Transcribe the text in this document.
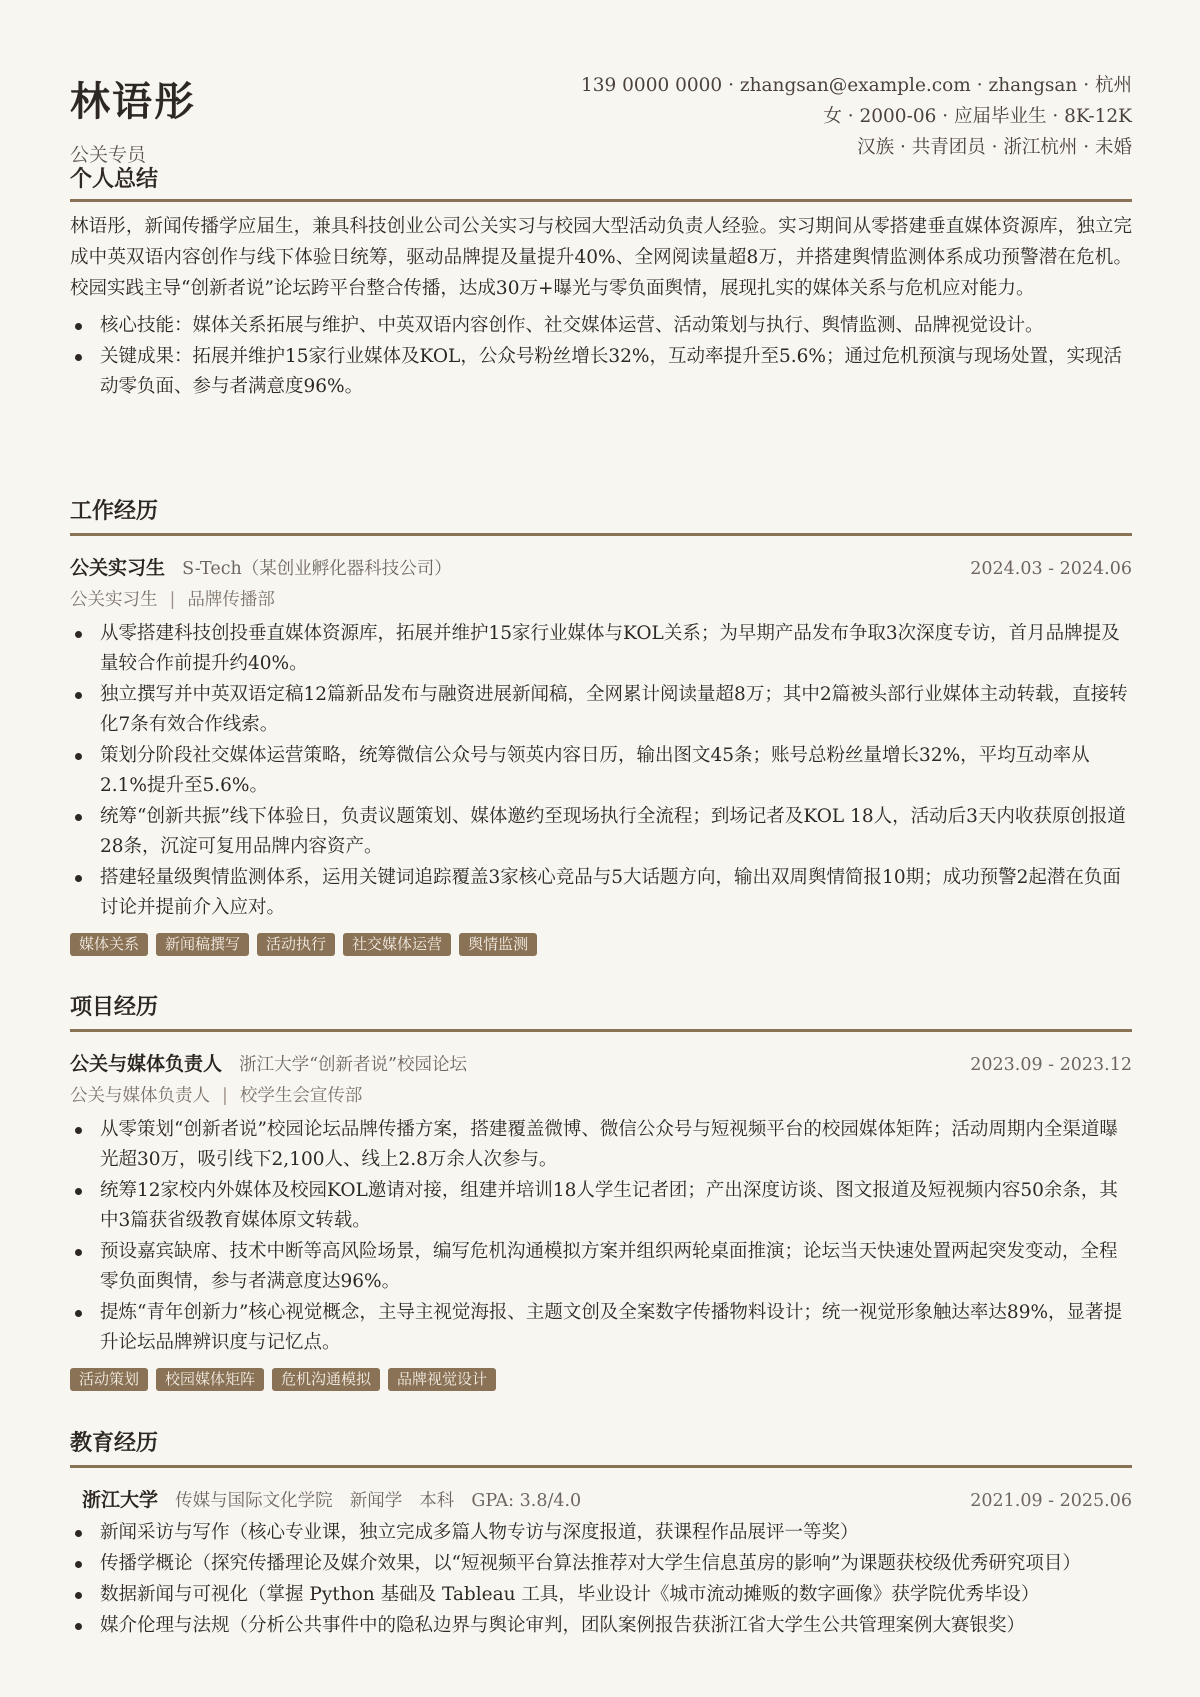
林语彤
公关专员
139 0000 0000 · zhangsan@example.com · zhangsan · 杭州
女 · 2000-06 · 应届毕业生 · 8K-12K
汉族 · 共青团员 · 浙江杭州 · 未婚
个人总结
林语彤，新闻传播学应届生，兼具科技创业公司公关实习与校园大型活动负责人经验。实习期间从零搭建垂直媒体资源库，独立完成中英双语内容创作与线下体验日统筹，驱动品牌提及量提升40%、全网阅读量超8万，并搭建舆情监测体系成功预警潜在危机。校园实践主导“创新者说”论坛跨平台整合传播，达成30万+曝光与零负面舆情，展现扎实的媒体关系与危机应对能力。
核心技能：媒体关系拓展与维护、中英双语内容创作、社交媒体运营、活动策划与执行、舆情监测、品牌视觉设计。
关键成果：拓展并维护15家行业媒体及KOL，公众号粉丝增长32%，互动率提升至5.6%；通过危机预演与现场处置，实现活动零负面、参与者满意度96%。
工作经历
公关实习生 S-Tech（某创业孵化器科技公司）	2024.03 - 2024.06
公关实习生 | 品牌传播部
从零搭建科技创投垂直媒体资源库，拓展并维护15家行业媒体与KOL关系；为早期产品发布争取3次深度专访，首月品牌提及量较合作前提升约40%。
独立撰写并中英双语定稿12篇新品发布与融资进展新闻稿，全网累计阅读量超8万；其中2篇被头部行业媒体主动转载，直接转化7条有效合作线索。
策划分阶段社交媒体运营策略，统筹微信公众号与领英内容日历，输出图文45条；账号总粉丝量增长32%，平均互动率从2.1%提升至5.6%。
统筹“创新共振”线下体验日，负责议题策划、媒体邀约至现场执行全流程；到场记者及KOL 18人，活动后3天内收获原创报道28条，沉淀可复用品牌内容资产。
搭建轻量级舆情监测体系，运用关键词追踪覆盖3家核心竞品与5大话题方向，输出双周舆情简报10期；成功预警2起潜在负面讨论并提前介入应对。
媒体关系	新闻稿撰写	活动执行	社交媒体运营	舆情监测
项目经历
公关与媒体负责人 浙江大学“创新者说”校园论坛	2023.09 - 2023.12
公关与媒体负责人 | 校学生会宣传部
从零策划“创新者说”校园论坛品牌传播方案，搭建覆盖微博、微信公众号与短视频平台的校园媒体矩阵；活动周期内全渠道曝光超30万，吸引线下2,100人、线上2.8万余人次参与。
统筹12家校内外媒体及校园KOL邀请对接，组建并培训18人学生记者团；产出深度访谈、图文报道及短视频内容50余条，其中3篇获省级教育媒体原文转载。
预设嘉宾缺席、技术中断等高风险场景，编写危机沟通模拟方案并组织两轮桌面推演；论坛当天快速处置两起突发变动，全程零负面舆情，参与者满意度达96%。
提炼“青年创新力”核心视觉概念，主导主视觉海报、主题文创及全案数字传播物料设计；统一视觉形象触达率达89%，显著提升论坛品牌辨识度与记忆点。
活动策划	校园媒体矩阵	危机沟通模拟	品牌视觉设计
教育经历
浙江大学 传媒与国际文化学院 新闻学 本科 GPA: 3.8/4.0	2021.09 - 2025.06
新闻采访与写作（核心专业课，独立完成多篇人物专访与深度报道，获课程作品展评一等奖）
传播学概论（探究传播理论及媒介效果，以“短视频平台算法推荐对大学生信息茧房的影响”为课题获校级优秀研究项目）
数据新闻与可视化（掌握 Python 基础及 Tableau 工具，毕业设计《城市流动摊贩的数字画像》获学院优秀毕设）
媒介伦理与法规（分析公共事件中的隐私边界与舆论审判，团队案例报告获浙江省大学生公共管理案例大赛银奖）
